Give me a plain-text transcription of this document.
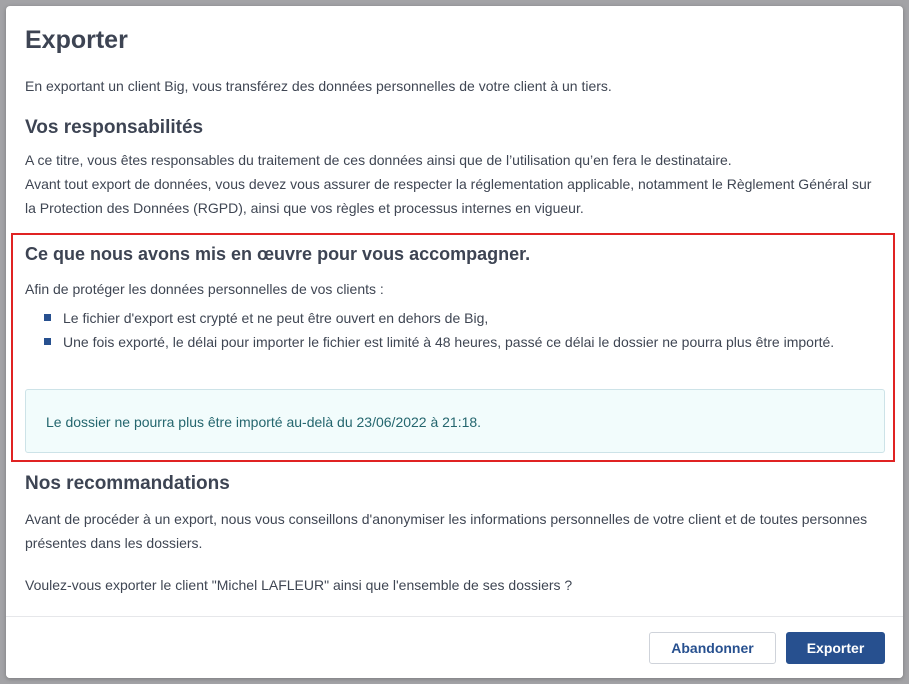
Exporter

En exportant un client Big, vous transférez des données personnelles de votre client à un tiers.

Vos responsabilités

A ce titre, vous êtes responsables du traitement de ces données ainsi que de l’utilisation qu’en fera le destinataire.

Avant tout export de données, vous devez vous assurer de respecter la réglementation applicable, notamment le Règlement Général sur la Protection des Données (RGPD), ainsi que vos règles et processus internes en vigueur.

Ce que nous avons mis en œuvre pour vous accompagner.

Afin de protéger les données personnelles de vos clients :

Le fichier d'export est crypté et ne peut être ouvert en dehors de Big,
Une fois exporté, le délai pour importer le fichier est limité à 48 heures, passé ce délai le dossier ne pourra plus être importé.

Le dossier ne pourra plus être importé au-delà du 23/06/2022 à 21:18.

Nos recommandations

Avant de procéder à un export, nous vous conseillons d'anonymiser les informations personnelles de votre client et de toutes personnes présentes dans les dossiers.

Voulez-vous exporter le client "Michel LAFLEUR" ainsi que l'ensemble de ses dossiers ?

Abandonner	Exporter
